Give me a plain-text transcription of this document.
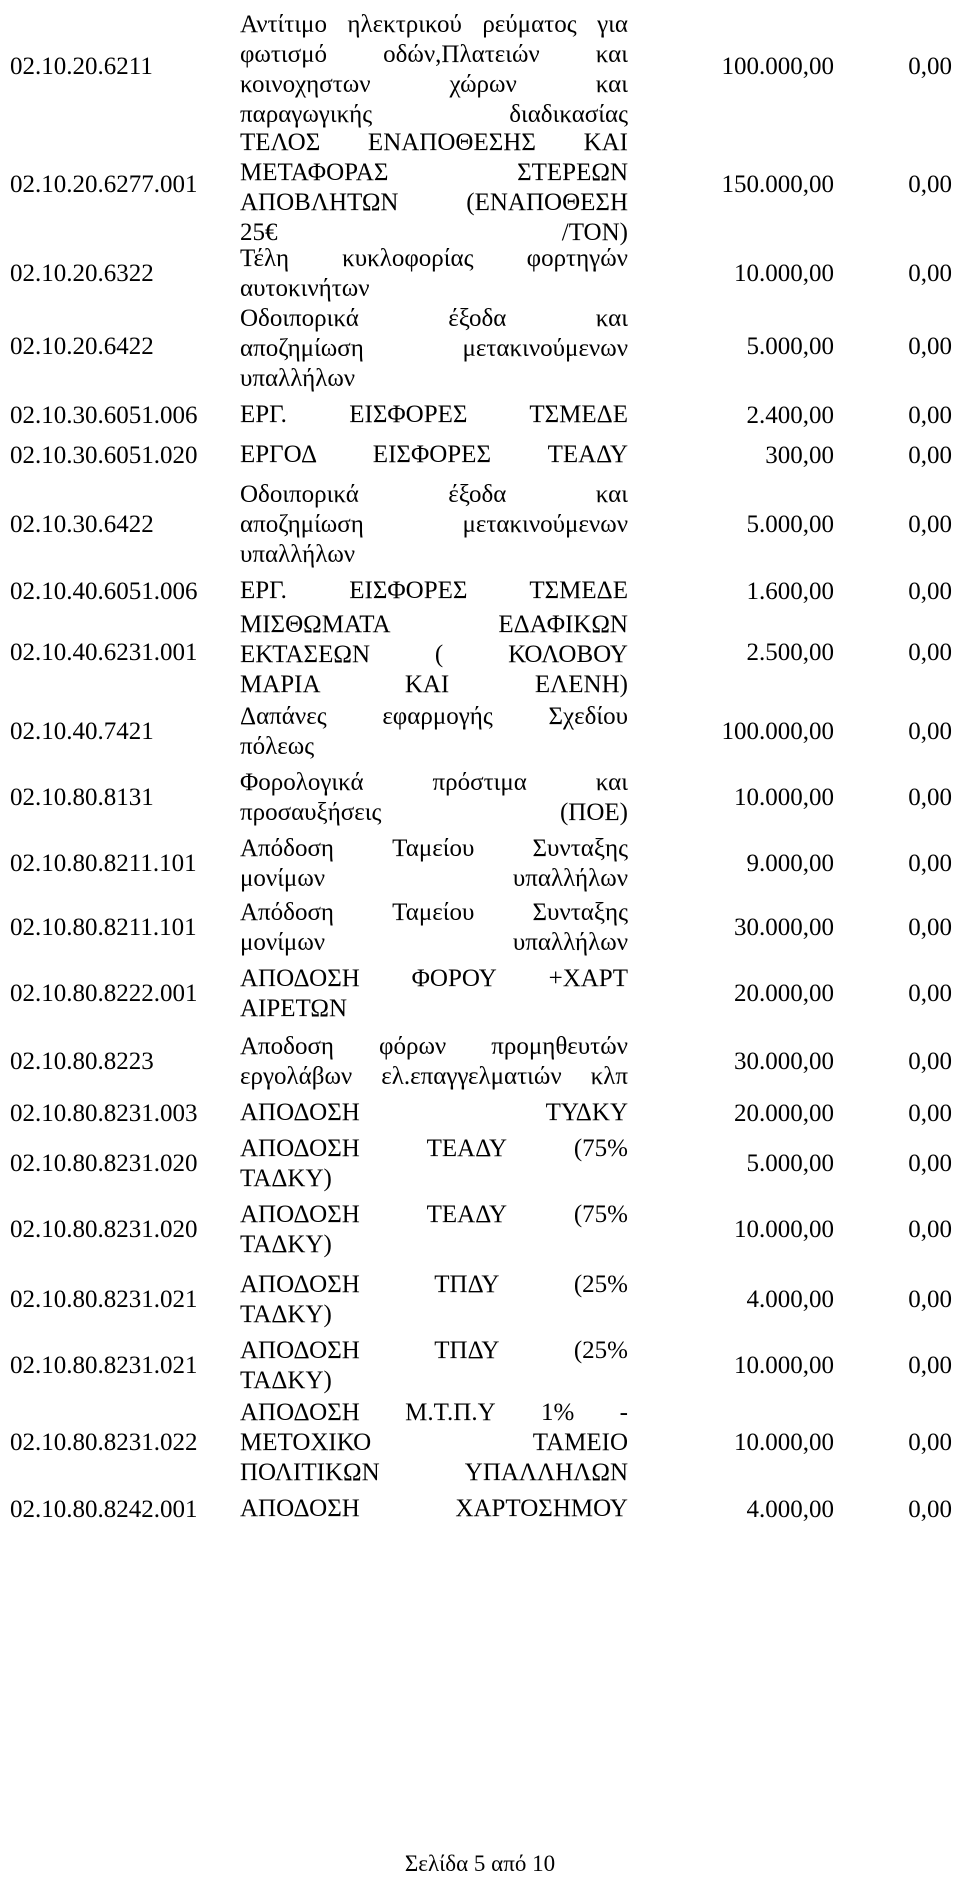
02.10.20.6211
Αντίτιμο ηλεκτρικού ρεύματος για
φωτισμό οδών,Πλατειών και
κοινοχηστων	χώρων	και
παραγωγικής διαδικασίας
100.000,00	0,00
02.10.20.6277.001
ΤΕΛΟΣ ΕΝΑΠΟΘΕΣΗΣ ΚΑΙ
ΜΕΤΑΦΟΡΑΣ	ΣΤΕΡΕΩΝ
ΑΠΟΒΛΗΤΩΝ	(ΕΝΑΠΟΘΕΣΗ
25€ /ΤΟΝ)
150.000,00	0,00
02.10.20.6322
Τέλη κυκλοφορίας φορτηγών
αυτοκινήτων
10.000,00	0,00
02.10.20.6422
Οδοιπορικά	έξοδα	και
αποζημίωση	μετακινούμενων
υπαλλήλων
5.000,00	0,00
02.10.30.6051.006 ΕΡΓ. ΕΙΣΦΟΡΕΣ ΤΣΜΕΔΕ	2.400,00	0,00
02.10.30.6051.020 ΕΡΓΟΔ ΕΙΣΦΟΡΕΣ ΤΕΑΔΥ	300,00	0,00
02.10.30.6422
Οδοιπορικά	έξοδα	και
αποζημίωση	μετακινούμενων
υπαλλήλων
5.000,00	0,00
02.10.40.6051.006 ΕΡΓ. ΕΙΣΦΟΡΕΣ ΤΣΜΕΔΕ	1.600,00	0,00
02.10.40.6231.001
ΜΙΣΘΩΜΑΤΑ	ΕΔΑΦΙΚΩΝ
ΕΚΤΑΣΕΩΝ	(	ΚΟΛΟΒΟΥ
ΜΑΡΙΑ ΚΑΙ ΕΛΕΝΗ)
2.500,00	0,00
02.10.40.7421
Δαπάνες εφαρμογής Σχεδίου
πόλεως
100.000,00	0,00
02.10.80.8131
Φορολογικά	πρόστιμα	και
προσαυξήσεις (ΠΟΕ)
10.000,00	0,00
02.10.80.8211.101
Απόδοση Ταμείου Συνταξης
μονίμων υπαλλήλων
9.000,00	0,00
02.10.80.8211.101
Απόδοση Ταμείου Συνταξης
μονίμων υπαλλήλων
30.000,00	0,00
02.10.80.8222.001
ΑΠΟΔΟΣΗ ΦΟΡΟΥ +ΧΑΡΤ
ΑΙΡΕΤΩΝ
20.000,00	0,00
02.10.80.8223
Αποδοση φόρων προμηθευτών
εργολάβων ελ.επαγγελματιών κλπ
30.000,00	0,00
02.10.80.8231.003 ΑΠΟΔΟΣΗ ΤΥΔΚΥ	20.000,00	0,00
02.10.80.8231.020
ΑΠΟΔΟΣΗ	ΤΕΑΔΥ	(75%
ΤΑΔΚΥ)
5.000,00	0,00
02.10.80.8231.020
ΑΠΟΔΟΣΗ	ΤΕΑΔΥ	(75%
ΤΑΔΚΥ)
10.000,00	0,00
02.10.80.8231.021
ΑΠΟΔΟΣΗ	ΤΠΔΥ	(25%
ΤΑΔΚΥ)
4.000,00	0,00
02.10.80.8231.021
ΑΠΟΔΟΣΗ	ΤΠΔΥ	(25%
ΤΑΔΚΥ)
10.000,00	0,00
02.10.80.8231.022
ΑΠΟΔΟΣΗ Μ.Τ.Π.Υ 1% -
ΜΕΤΟΧΙΚΟ	ΤΑΜΕΙΟ
ΠΟΛΙΤΙΚΩΝ ΥΠΑΛΛΗΛΩΝ
10.000,00	0,00
02.10.80.8242.001 ΑΠΟΔΟΣΗ ΧΑΡΤΟΣΗΜΟΥ	4.000,00	0,00
Σελίδα 5 από 10
